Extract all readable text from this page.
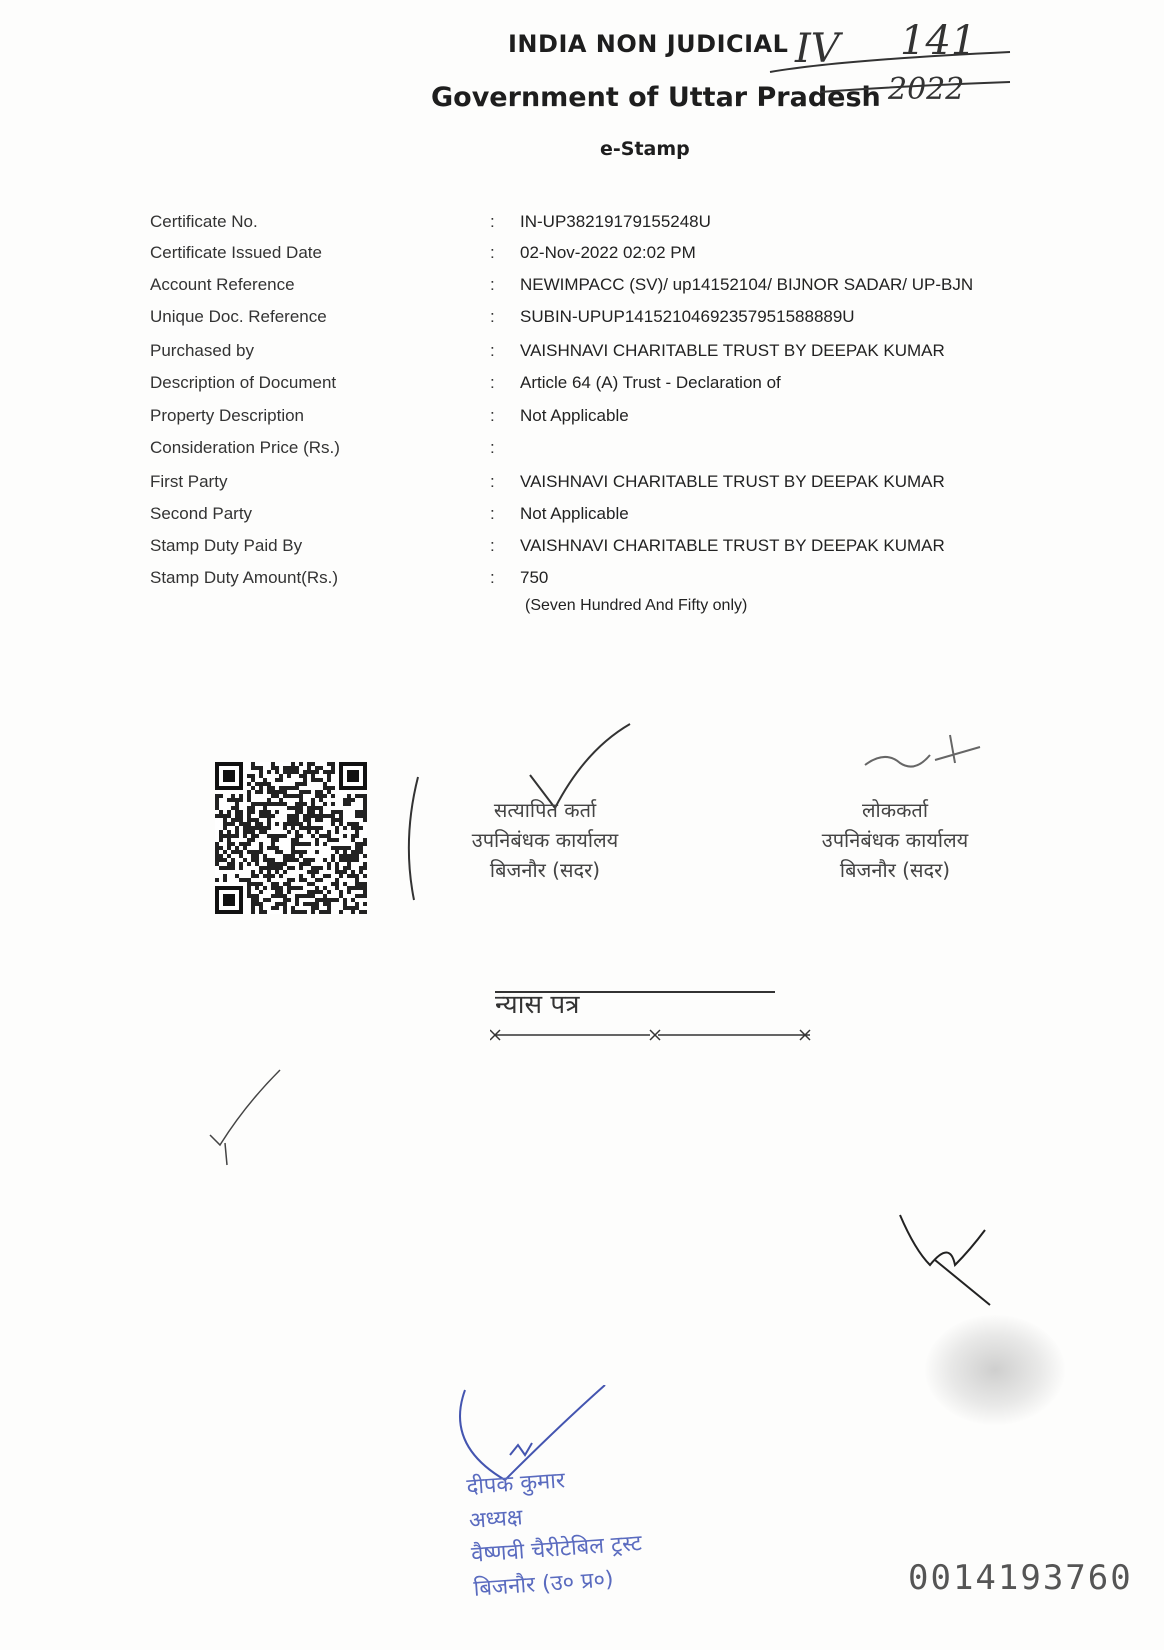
INDIA NON JUDICIAL
Government of Uttar Pradesh
e-Stamp
IV 141
2022
Certificate No.	: IN-UP38219179155248U
Certificate Issued Date	: 02-Nov-2022 02:02 PM
Account Reference	: NEWIMPACC (SV)/ up14152104/ BIJNOR SADAR/ UP-BJN
Unique Doc. Reference	: SUBIN-UPUP14152104692357951588889U
Purchased by	: VAISHNAVI CHARITABLE TRUST BY DEEPAK KUMAR
Description of Document	: Article 64 (A) Trust - Declaration of
Property Description	: Not Applicable
Consideration Price (Rs.)	:
First Party	: VAISHNAVI CHARITABLE TRUST BY DEEPAK KUMAR
Second Party	: Not Applicable
Stamp Duty Paid By	: VAISHNAVI CHARITABLE TRUST BY DEEPAK KUMAR
Stamp Duty Amount(Rs.)	: 750
(Seven Hundred And Fifty only)
सत्यापित कर्ता
उपनिबंधक कार्यालय
बिजनौर (सदर)
लोककर्ता
उपनिबंधक कार्यालय
बिजनौर (सदर)
न्यास पत्र
दीपक कुमार
अध्यक्ष
वैष्णवी चैरीटेबिल ट्रस्ट
बिजनौर (उ० प्र०)	0014193760
